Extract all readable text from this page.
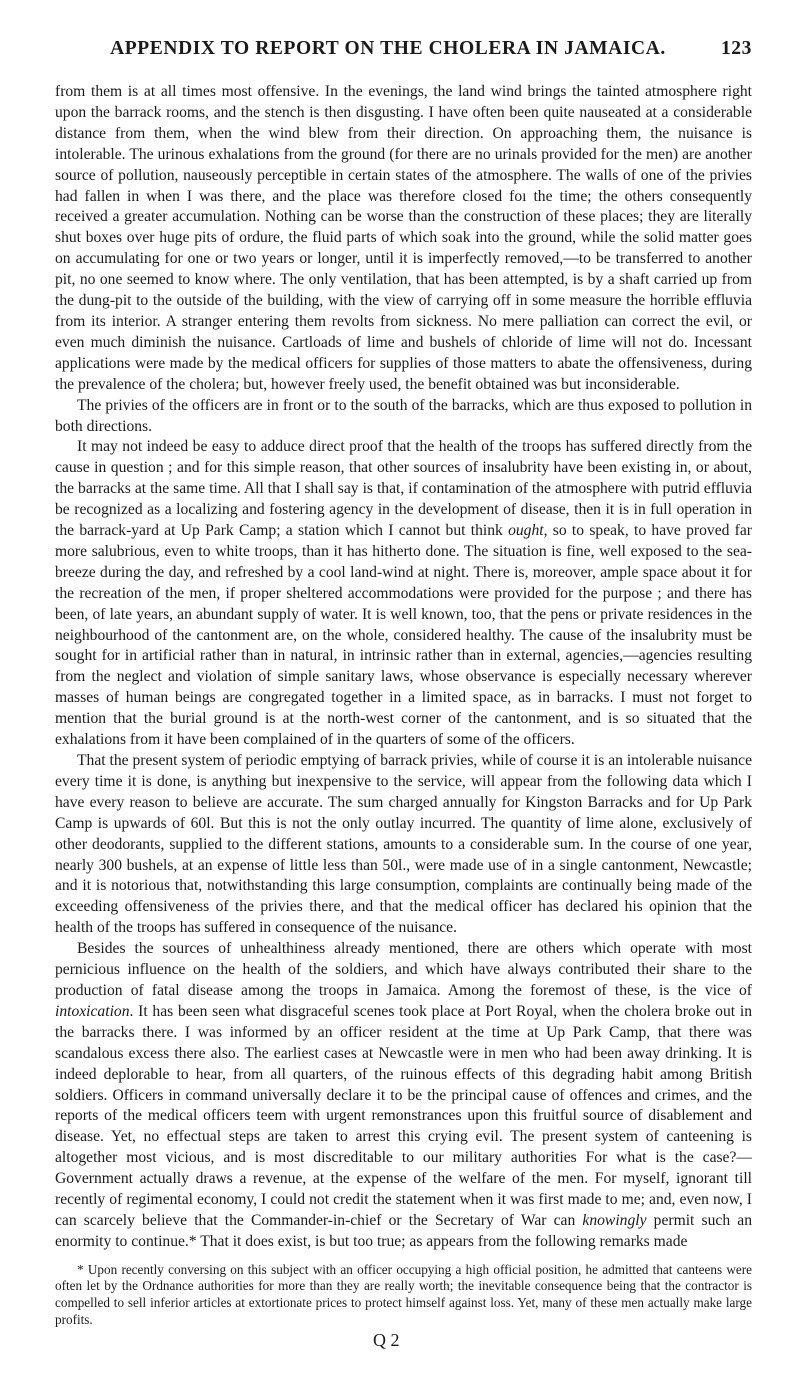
APPENDIX TO REPORT ON THE CHOLERA IN JAMAICA.	123

from them is at all times most offensive. In the evenings, the land wind brings the tainted atmosphere right upon the barrack rooms, and the stench is then disgusting. I have often been quite nauseated at a considerable distance from them, when the wind blew from their direction. On approaching them, the nuisance is intolerable. The urinous exhalations from the ground (for there are no urinals provided for the men) are another source of pollution, nauseously perceptible in certain states of the atmosphere. The walls of one of the privies had fallen in when I was there, and the place was therefore closed foı the time; the others consequently received a greater accumulation. Nothing can be worse than the construction of these places; they are literally shut boxes over huge pits of ordure, the fluid parts of which soak into the ground, while the solid matter goes on accumulating for one or two years or longer, until it is imperfectly removed,—to be transferred to another pit, no one seemed to know where. The only ventilation, that has been attempted, is by a shaft carried up from the dung-pit to the outside of the building, with the view of carrying off in some measure the horrible effluvia from its interior. A stranger entering them revolts from sickness. No mere palliation can correct the evil, or even much diminish the nuisance. Cartloads of lime and bushels of chloride of lime will not do. Incessant applications were made by the medical officers for supplies of those matters to abate the offensiveness, during the prevalence of the cholera; but, however freely used, the benefit obtained was but inconsiderable.

The privies of the officers are in front or to the south of the barracks, which are thus exposed to pollution in both directions.

It may not indeed be easy to adduce direct proof that the health of the troops has suffered directly from the cause in question ; and for this simple reason, that other sources of insalubrity have been existing in, or about, the barracks at the same time. All that I shall say is that, if contamination of the atmosphere with putrid effluvia be recognized as a localizing and fostering agency in the development of disease, then it is in full operation in the barrack-yard at Up Park Camp; a station which I cannot but think ought, so to speak, to have proved far more salubrious, even to white troops, than it has hitherto done. The situation is fine, well exposed to the sea-breeze during the day, and refreshed by a cool land-wind at night. There is, moreover, ample space about it for the recreation of the men, if proper sheltered accommodations were provided for the purpose ; and there has been, of late years, an abundant supply of water. It is well known, too, that the pens or private residences in the neighbourhood of the cantonment are, on the whole, considered healthy. The cause of the insalubrity must be sought for in artificial rather than in natural, in intrinsic rather than in external, agencies,—agencies resulting from the neglect and violation of simple sanitary laws, whose observance is especially necessary wherever masses of human beings are congregated together in a limited space, as in barracks. I must not forget to mention that the burial ground is at the north-west corner of the cantonment, and is so situated that the exhalations from it have been complained of in the quarters of some of the officers.

That the present system of periodic emptying of barrack privies, while of course it is an intolerable nuisance every time it is done, is anything but inexpensive to the service, will appear from the following data which I have every reason to believe are accurate. The sum charged annually for Kingston Barracks and for Up Park Camp is upwards of 60l. But this is not the only outlay incurred. The quantity of lime alone, exclusively of other deodorants, supplied to the different stations, amounts to a considerable sum. In the course of one year, nearly 300 bushels, at an expense of little less than 50l., were made use of in a single cantonment, Newcastle; and it is notorious that, notwithstanding this large consumption, complaints are continually being made of the exceeding offensiveness of the privies there, and that the medical officer has declared his opinion that the health of the troops has suffered in consequence of the nuisance.

Besides the sources of unhealthiness already mentioned, there are others which operate with most pernicious influence on the health of the soldiers, and which have always contributed their share to the production of fatal disease among the troops in Jamaica. Among the foremost of these, is the vice of intoxication. It has been seen what disgraceful scenes took place at Port Royal, when the cholera broke out in the barracks there. I was informed by an officer resident at the time at Up Park Camp, that there was scandalous excess there also. The earliest cases at Newcastle were in men who had been away drinking. It is indeed deplorable to hear, from all quarters, of the ruinous effects of this degrading habit among British soldiers. Officers in command universally declare it to be the principal cause of offences and crimes, and the reports of the medical officers teem with urgent remonstrances upon this fruitful source of disablement and disease. Yet, no effectual steps are taken to arrest this crying evil. The present system of canteening is altogether most vicious, and is most discreditable to our military authorities For what is the case?—Government actually draws a revenue, at the expense of the welfare of the men. For myself, ignorant till recently of regimental economy, I could not credit the statement when it was first made to me; and, even now, I can scarcely believe that the Commander-in-chief or the Secretary of War can knowingly permit such an enormity to continue.* That it does exist, is but too true; as appears from the following remarks made

* Upon recently conversing on this subject with an officer occupying a high official position, he admitted that canteens were often let by the Ordnance authorities for more than they are really worth; the inevitable consequence being that the contractor is compelled to sell inferior articles at extortionate prices to protect himself against loss. Yet, many of these men actually make large profits.
Q 2
